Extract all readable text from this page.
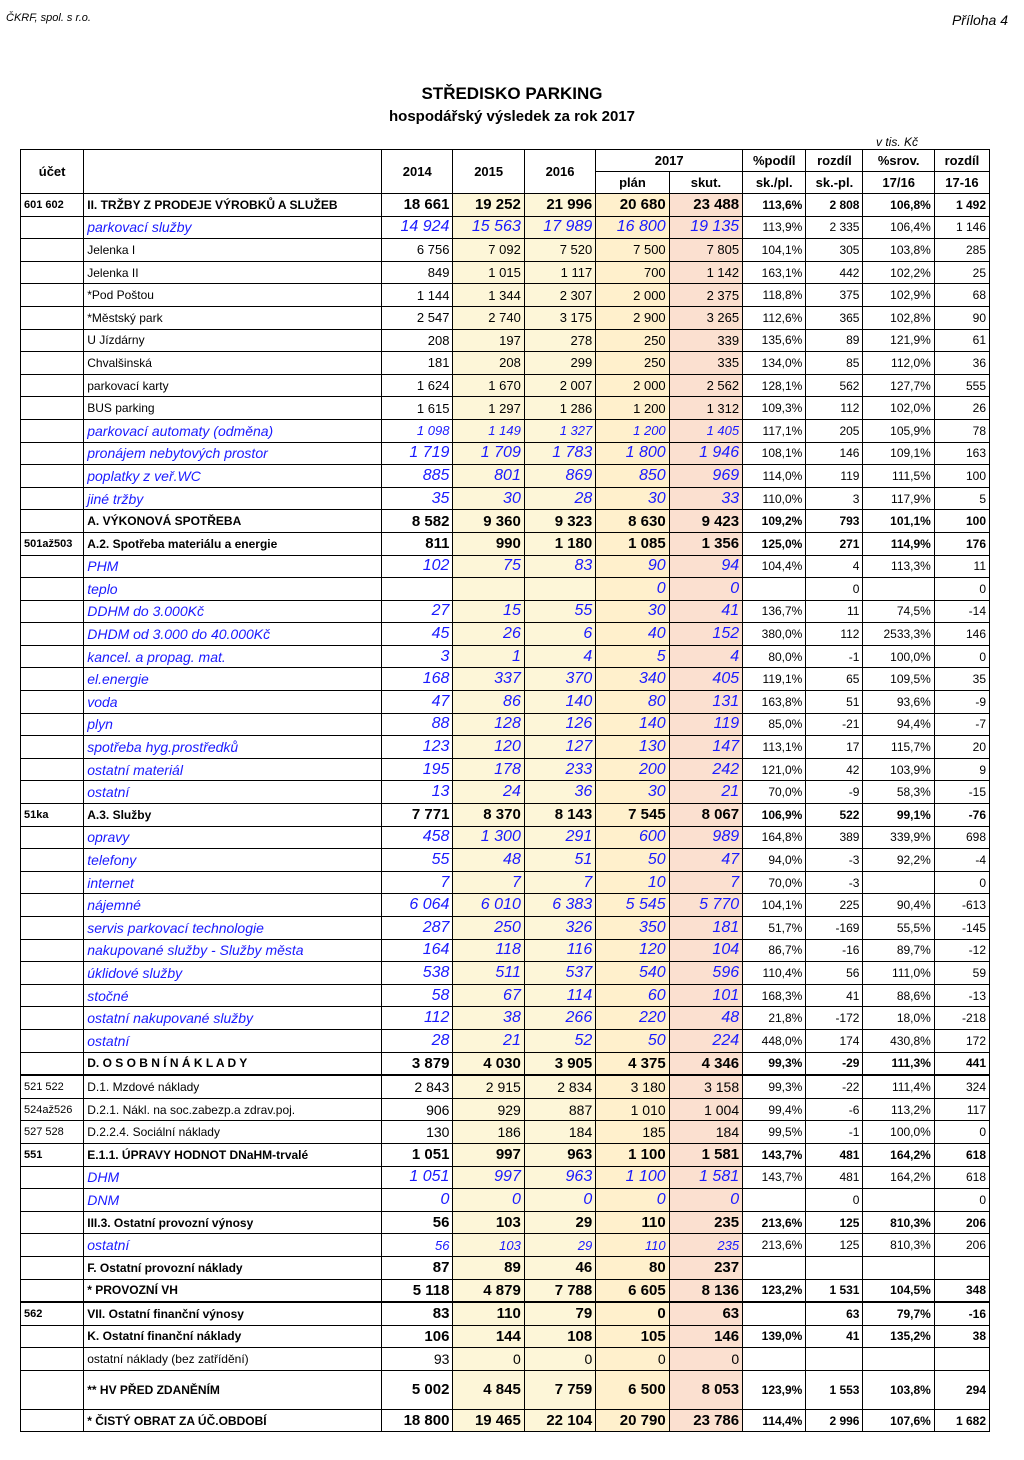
ČKRF, spol. s r.o.	Příloha 4
STŘEDISKO PARKING
hospodářský výsledek za rok 2017
v tis. Kč
účet		2014	2015	2016	2017		%podíl	rozdíl	%srov.	rozdíl
					plán	skut.	sk./pl.	sk.-pl.	17/16	17-16
601 602	II. TRŽBY Z PRODEJE VÝROBKŮ A SLUŽEB	18 661	19 252	21 996	20 680	23 488	113,6%	2 808	106,8%	1 492
	parkovací služby	14 924	15 563	17 989	16 800	19 135	113,9%	2 335	106,4%	1 146
	Jelenka I	6 756	7 092	7 520	7 500	7 805	104,1%	305	103,8%	285
	Jelenka II	849	1 015	1 117	700	1 142	163,1%	442	102,2%	25
	*Pod Poštou	1 144	1 344	2 307	2 000	2 375	118,8%	375	102,9%	68
	*Městský park	2 547	2 740	3 175	2 900	3 265	112,6%	365	102,8%	90
	U Jízdárny	208	197	278	250	339	135,6%	89	121,9%	61
	Chvalšinská	181	208	299	250	335	134,0%	85	112,0%	36
	parkovací karty	1 624	1 670	2 007	2 000	2 562	128,1%	562	127,7%	555
	BUS parking	1 615	1 297	1 286	1 200	1 312	109,3%	112	102,0%	26
	parkovací automaty (odměna)	1 098	1 149	1 327	1 200	1 405	117,1%	205	105,9%	78
	pronájem nebytových prostor	1 719	1 709	1 783	1 800	1 946	108,1%	146	109,1%	163
	poplatky z veř.WC	885	801	869	850	969	114,0%	119	111,5%	100
	jiné tržby	35	30	28	30	33	110,0%	3	117,9%	5
	A. VÝKONOVÁ SPOTŘEBA	8 582	9 360	9 323	8 630	9 423	109,2%	793	101,1%	100
501až503	A.2. Spotřeba materiálu a energie	811	990	1 180	1 085	1 356	125,0%	271	114,9%	176
	PHM	102	75	83	90	94	104,4%	4	113,3%	11
	teplo				0	0		0		0
	DDHM do 3.000Kč	27	15	55	30	41	136,7%	11	74,5%	-14
	DHDM od 3.000 do 40.000Kč	45	26	6	40	152	380,0%	112	2533,3%	146
	kancel. a propag. mat.	3	1	4	5	4	80,0%	-1	100,0%	0
	el.energie	168	337	370	340	405	119,1%	65	109,5%	35
	voda	47	86	140	80	131	163,8%	51	93,6%	-9
	plyn	88	128	126	140	119	85,0%	-21	94,4%	-7
	spotřeba hyg.prostředků	123	120	127	130	147	113,1%	17	115,7%	20
	ostatní materiál	195	178	233	200	242	121,0%	42	103,9%	9
	ostatní	13	24	36	30	21	70,0%	-9	58,3%	-15
51ka	A.3. Služby	7 771	8 370	8 143	7 545	8 067	106,9%	522	99,1%	-76
	opravy	458	1 300	291	600	989	164,8%	389	339,9%	698
	telefony	55	48	51	50	47	94,0%	-3	92,2%	-4
	internet	7	7	7	10	7	70,0%	-3		0
	nájemné	6 064	6 010	6 383	5 545	5 770	104,1%	225	90,4%	-613
	servis parkovací technologie	287	250	326	350	181	51,7%	-169	55,5%	-145
	nakupované služby - Služby města	164	118	116	120	104	86,7%	-16	89,7%	-12
	úklidové služby	538	511	537	540	596	110,4%	56	111,0%	59
	stočné	58	67	114	60	101	168,3%	41	88,6%	-13
	ostatní nakupované služby	112	38	266	220	48	21,8%	-172	18,0%	-218
	ostatní	28	21	52	50	224	448,0%	174	430,8%	172
	D. O S O B N Í N Á K L A D Y	3 879	4 030	3 905	4 375	4 346	99,3%	-29	111,3%	441
521 522	D.1. Mzdové náklady	2 843	2 915	2 834	3 180	3 158	99,3%	-22	111,4%	324
524až526	D.2.1. Nákl. na soc.zabezp.a zdrav.poj.	906	929	887	1 010	1 004	99,4%	-6	113,2%	117
527 528	D.2.2.4. Sociální náklady	130	186	184	185	184	99,5%	-1	100,0%	0
551	E.1.1. ÚPRAVY HODNOT DNaHM-trvalé	1 051	997	963	1 100	1 581	143,7%	481	164,2%	618
	DHM	1 051	997	963	1 100	1 581	143,7%	481	164,2%	618
	DNM	0	0	0	0	0		0		0
	III.3. Ostatní provozní výnosy	56	103	29	110	235	213,6%	125	810,3%	206
	ostatní	56	103	29	110	235	213,6%	125	810,3%	206
	F. Ostatní provozní náklady	87	89	46	80	237				
	* PROVOZNÍ VH	5 118	4 879	7 788	6 605	8 136	123,2%	1 531	104,5%	348
562	VII. Ostatní finanční výnosy	83	110	79	0	63		63	79,7%	-16
	K. Ostatní finanční náklady	106	144	108	105	146	139,0%	41	135,2%	38
	ostatní náklady (bez zatřídění)	93	0	0	0	0				
	** HV PŘED ZDANĚNÍM	5 002	4 845	7 759	6 500	8 053	123,9%	1 553	103,8%	294
	* ČISTÝ OBRAT ZA ÚČ.OBDOBÍ	18 800	19 465	22 104	20 790	23 786	114,4%	2 996	107,6%	1 682
